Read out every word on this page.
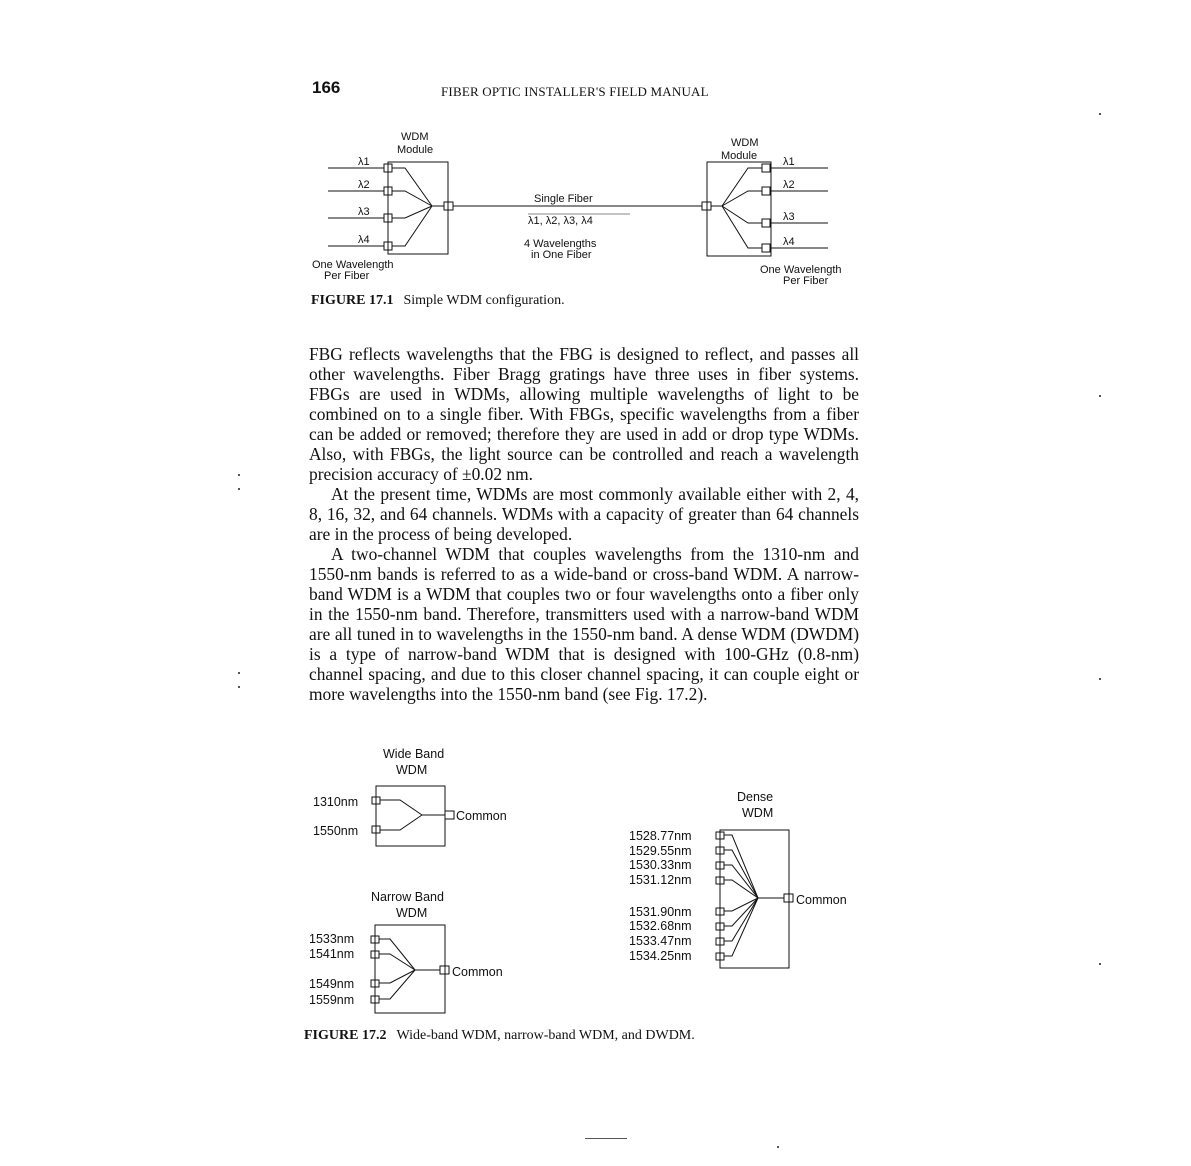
166	FIBER OPTIC INSTALLER'S FIELD MANUAL
WDM
Module
WDM
Module
λ1
λ2
λ3
λ4
λ1
λ2
λ3
λ4
Single Fiber
λ1, λ2, λ3, λ4
4 Wavelengths
in One Fiber
One Wavelength
Per Fiber	One Wavelength
Per Fiber
FIGURE 17.1 Simple WDM configuration.

FBG reflects wavelengths that the FBG is designed to reflect, and passes all other wavelengths. Fiber Bragg gratings have three uses in fiber systems. FBGs are used in WDMs, allowing multiple wavelengths of light to be combined on to a single fiber. With FBGs, specific wavelengths from a fiber can be added or removed; therefore they are used in add or drop type WDMs. Also, with FBGs, the light source can be controlled and reach a wavelength precision accuracy of ±0.02 nm.

At the present time, WDMs are most commonly available either with 2, 4, 8, 16, 32, and 64 channels. WDMs with a capacity of greater than 64 channels are in the process of being developed.

A two-channel WDM that couples wavelengths from the 1310-nm and 1550-nm bands is referred to as a wide-band or cross-band WDM. A narrow-band WDM is a WDM that couples two or four wavelengths onto a fiber only in the 1550-nm band. Therefore, transmitters used with a narrow-band WDM are all tuned in to wavelengths in the 1550-nm band. A dense WDM (DWDM) is a type of narrow-band WDM that is designed with 100-GHz (0.8-nm) channel spacing, and due to this closer channel spacing, it can couple eight or more wavelengths into the 1550-nm band (see Fig. 17.2).

Wide Band
WDM
1310nm
1550nm
Common
Narrow Band
WDM
1533nm
1541nm
1549nm
1559nm
Common
Dense
WDM
1528.77nm
1529.55nm
1530.33nm
1531.12nm
1531.90nm
1532.68nm
1533.47nm
1534.25nm
Common
FIGURE 17.2 Wide-band WDM, narrow-band WDM, and DWDM.
